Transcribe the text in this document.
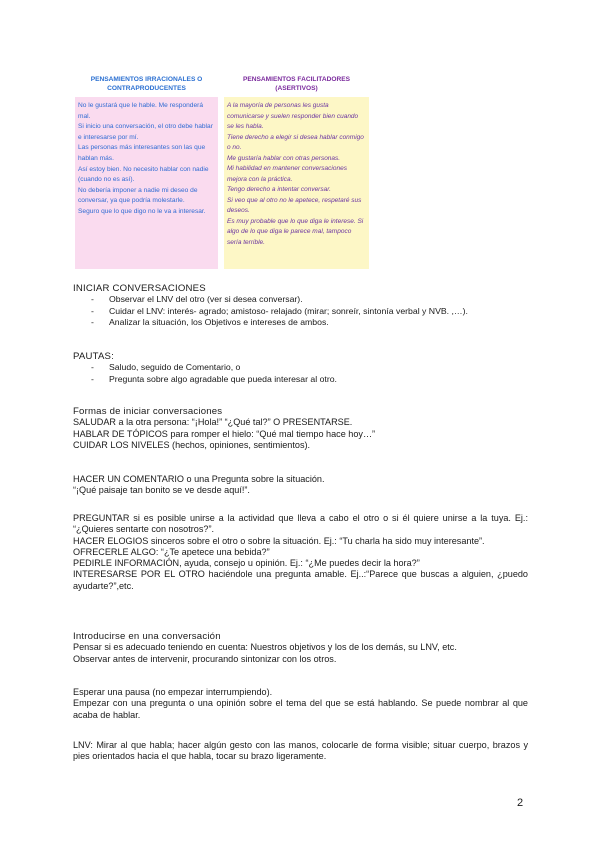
PENSAMIENTOS IRRACIONALES O CONTRAPRODUCENTES

No le gustará que le hable. Me responderá mal.

Si inicio una conversación, el otro debe hablar e interesarse por mí.

Las personas más interesantes son las que hablan más.

Así estoy bien. No necesito hablar con nadie (cuando no es así).

No debería imponer a nadie mi deseo de conversar, ya que podría molestarle.

Seguro que lo que digo no le va a interesar.

PENSAMIENTOS FACILITADORES (ASERTIVOS)

A la mayoría de personas les gusta comunicarse y suelen responder bien cuando se les habla.

Tiene derecho a elegir si desea hablar conmigo o no.

Me gustaría hablar con otras personas.

Mi habilidad en mantener conversaciones mejora con la práctica.

Tengo derecho a intentar conversar.

Si veo que al otro no le apetece, respetaré sus deseos.

Es muy probable que lo que diga le interese. Si algo de lo que diga le parece mal, tampoco sería terrible.

INICIAR CONVERSACIONES
- Observar el LNV del otro (ver si desea conversar).
- Cuidar el LNV: interés- agrado; amistoso- relajado (mirar; sonreír, sintonía verbal y NVB. ,…).
- Analizar la situación, los Objetivos e intereses de ambos.
PAUTAS:
- Saludo, seguido de Comentario, o
- Pregunta sobre algo agradable que pueda interesar al otro.
Formas de iniciar conversaciones
SALUDAR a la otra persona: “¡Hola!” “¿Qué tal?” O PRESENTARSE.
HABLAR DE TÓPICOS para romper el hielo: “Qué mal tiempo hace hoy…”
CUIDAR LOS NIVELES (hechos, opiniones, sentimientos).
HACER UN COMENTARIO o una Pregunta sobre la situación.
“¡Qué paisaje tan bonito se ve desde aquí!”.
PREGUNTAR si es posible unirse a la actividad que lleva a cabo el otro o si él quiere unirse a la tuya. Ej.: “¿Quieres sentarte con nosotros?”.
HACER ELOGIOS sinceros sobre el otro o sobre la situación. Ej.: “Tu charla ha sido muy interesante”.
OFRECERLE ALGO: “¿Te apetece una bebida?”
PEDIRLE INFORMACIÓN, ayuda, consejo u opinión. Ej.: “¿Me puedes decir la hora?”
INTERESARSE POR EL OTRO haciéndole una pregunta amable. Ej..:“Parece que buscas a alguien, ¿puedo ayudarte?”,etc.
Introducirse en una conversación
Pensar si es adecuado teniendo en cuenta: Nuestros objetivos y los de los demás, su LNV, etc.
Observar antes de intervenir, procurando sintonizar con los otros.
Esperar una pausa (no empezar interrumpiendo).
Empezar con una pregunta o una opinión sobre el tema del que se está hablando. Se puede nombrar al que acaba de hablar.
LNV: Mirar al que habla; hacer algún gesto con las manos, colocarle de forma visible; situar cuerpo, brazos y pies orientados hacia el que habla, tocar su brazo ligeramente.
2
